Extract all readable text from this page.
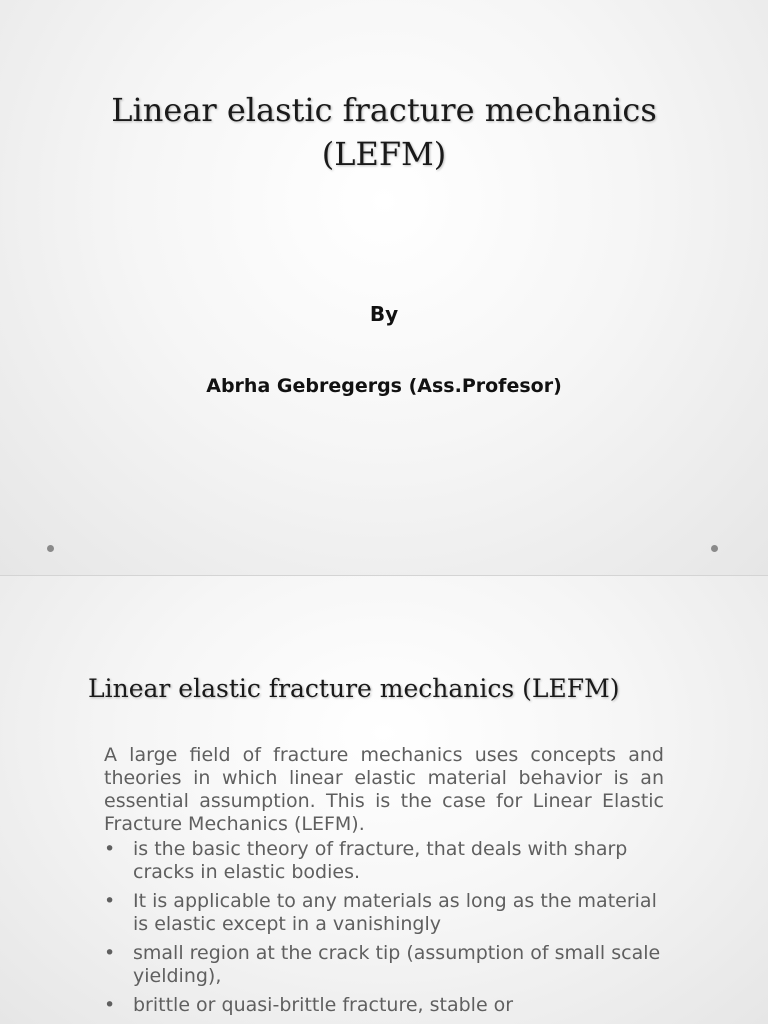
Linear elastic fracture mechanics
(LEFM)
By
Abrha Gebregergs (Ass.Profesor)
Linear elastic fracture mechanics (LEFM)

A large field of fracture mechanics uses concepts and theories in which linear elastic material behavior is an essential assumption. This is the case for Linear Elastic Fracture Mechanics (LEFM).

• is the basic theory of fracture, that deals with sharp cracks in elastic bodies.
• It is applicable to any materials as long as the material is elastic except in a vanishingly
• small region at the crack tip (assumption of small scale yielding),
• brittle or quasi-brittle fracture, stable or
